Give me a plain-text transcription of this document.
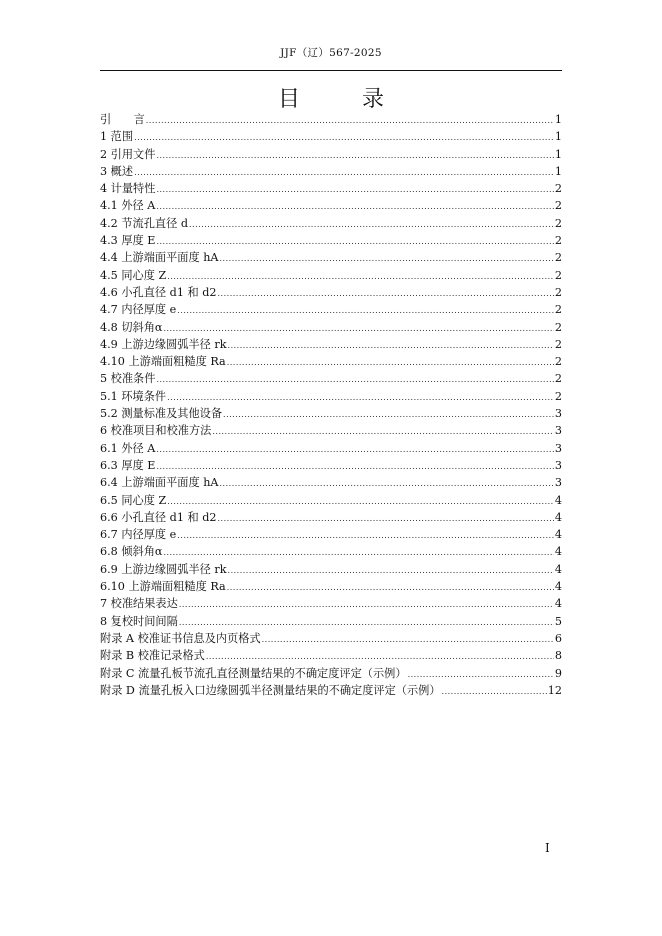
JJF（辽）567-2025
目	录
引　　言 .....	1
1 范围 .....	1
2 引用文件 .....	1
3 概述 .....	1
4 计量特性 .....	2
4.1 外径 A .....	2
4.2 节流孔直径 d .....	2
4.3 厚度 E .....	2
4.4 上游端面平面度 hA .....	2
4.5 同心度 Z .....	2
4.6 小孔直径 d1 和 d2 .....	2
4.7 内径厚度 e .....	2
4.8 切斜角α .....	2
4.9 上游边缘圆弧半径 rk .....	2
4.10 上游端面粗糙度 Ra .....	2
5 校准条件 .....	2
5.1 环境条件 .....	2
5.2 测量标准及其他设备 .....	3
6 校准项目和校准方法 .....	3
6.1 外径 A .....	3
6.3 厚度 E .....	3
6.4 上游端面平面度 hA .....	3
6.5 同心度 Z .....	4
6.6 小孔直径 d1 和 d2 .....	4
6.7 内径厚度 e .....	4
6.8 倾斜角α .....	4
6.9 上游边缘圆弧半径 rk .....	4
6.10 上游端面粗糙度 Ra .....	4
7 校准结果表达 .....	4
8 复校时间间隔 .....	5
附录 A 校准证书信息及内页格式 .....	6
附录 B 校准记录格式 .....	8
附录 C 流量孔板节流孔直径测量结果的不确定度评定（示例） .....	9
附录 D 流量孔板入口边缘圆弧半径测量结果的不确定度评定（示例） .....	12
I
